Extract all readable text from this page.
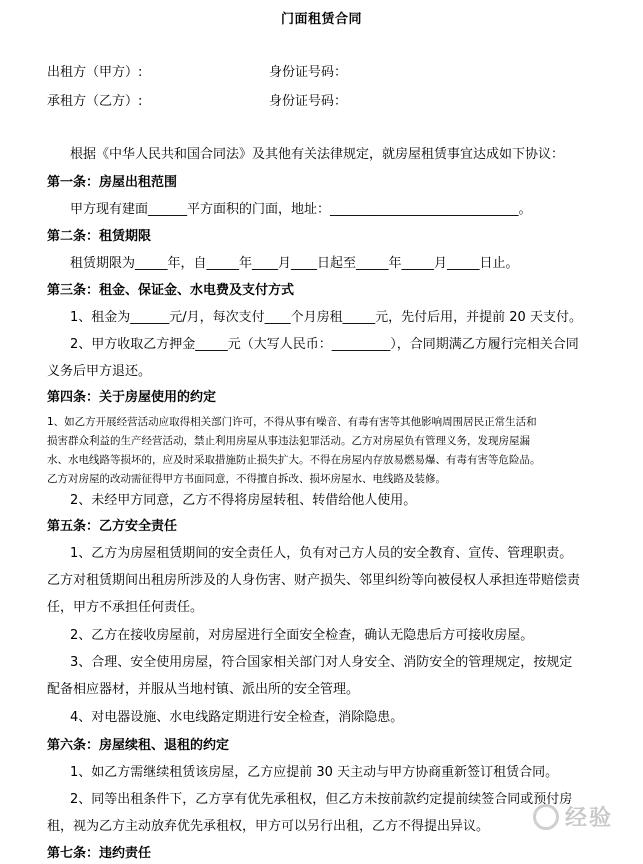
门面租赁合同
出租方（甲方）:	身份证号码：
承租方（乙方）:	身份证号码：
根据《中华人民共和国合同法》及其他有关法律规定，就房屋租赁事宜达成如下协议：
第一条：房屋出租范围
甲方现有建面______平方面积的门面，地址：_____________________________。
第二条：租赁期限
租赁期限为_____年，自_____年____月____日起至_____年_____月_____日止。
第三条：租金、保证金、水电费及支付方式
1、租金为______元/月，每次支付____个月房租_____元，先付后用，并提前 20 天支付。
2、甲方收取乙方押金_____元（大写人民币：_________），合同期满乙方履行完相关合同
义务后甲方退还。
第四条：关于房屋使用的约定
1、如乙方开展经营活动应取得相关部门许可，不得从事有噪音、有毒有害等其他影响周围居民正常生活和
损害群众利益的生产经营活动，禁止利用房屋从事违法犯罪活动。乙方对房屋负有管理义务，发现房屋漏
水、水电线路等损坏的，应及时采取措施防止损失扩大。不得在房屋内存放易燃易爆、有毒有害等危险品。
乙方对房屋的改动需征得甲方书面同意，不得擅自拆改、损坏房屋水、电线路及装修。
2、未经甲方同意，乙方不得将房屋转租、转借给他人使用。
第五条：乙方安全责任
1、乙方为房屋租赁期间的安全责任人，负有对己方人员的安全教育、宣传、管理职责。
乙方对租赁期间出租房所涉及的人身伤害、财产损失、邻里纠纷等向被侵权人承担连带赔偿责
任，甲方不承担任何责任。
2、乙方在接收房屋前，对房屋进行全面安全检查，确认无隐患后方可接收房屋。
3、合理、安全使用房屋，符合国家相关部门对人身安全、消防安全的管理规定，按规定
配备相应器材，并服从当地村镇、派出所的安全管理。
4、对电器设施、水电线路定期进行安全检查，消除隐患。
第六条：房屋续租、退租的约定
1、如乙方需继续租赁该房屋，乙方应提前 30 天主动与甲方协商重新签订租赁合同。
2、同等出租条件下，乙方享有优先承租权，但乙方未按前款约定提前续签合同或预付房
租，视为乙方主动放弃优先承租权，甲方可以另行出租，乙方不得提出异议。
第七条：违约责任
经验
